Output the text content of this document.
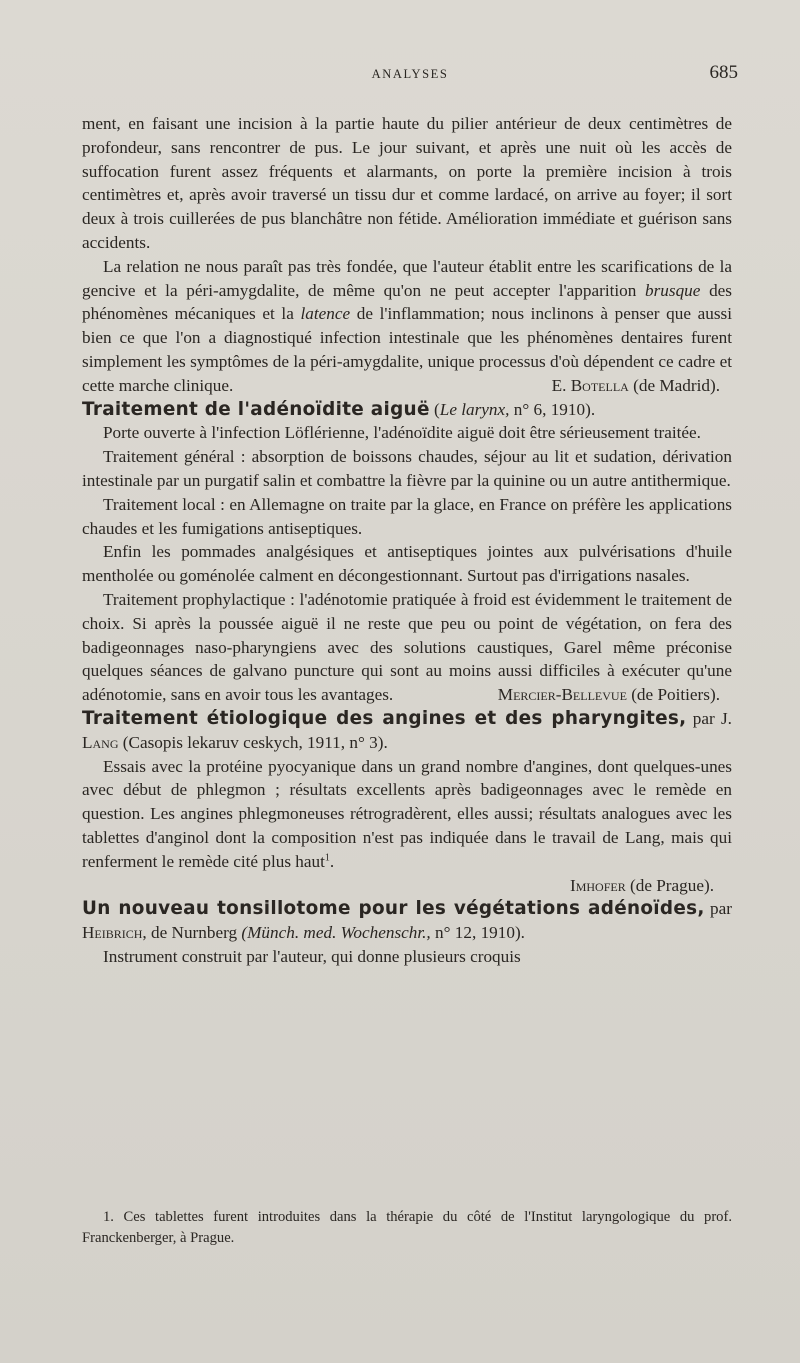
ANALYSES	685

ment, en faisant une incision à la partie haute du pilier antérieur de deux centimètres de profondeur, sans rencontrer de pus. Le jour suivant, et après une nuit où les accès de suffocation furent assez fréquents et alarmants, on porte la première incision à trois centimètres et, après avoir traversé un tissu dur et comme lardacé, on arrive au foyer; il sort deux à trois cuillerées de pus blanchâtre non fétide. Amélioration immédiate et guérison sans accidents.

La relation ne nous paraît pas très fondée, que l'auteur établit entre les scarifications de la gencive et la péri-amygdalite, de même qu'on ne peut accepter l'apparition brusque des phénomènes mécaniques et la latence de l'inflammation; nous inclinons à penser que aussi bien ce que l'on a diagnostiqué infection intestinale que les phénomènes dentaires furent simplement les symptômes de la péri-amygdalite, unique processus d'où dépendent ce cadre et cette marche clinique.	E. Botella (de Madrid).

Traitement de l'adénoïdite aiguë (Le larynx, n° 6, 1910).

Porte ouverte à l'infection Löflérienne, l'adénoïdite aiguë doit être sérieusement traitée.

Traitement général : absorption de boissons chaudes, séjour au lit et sudation, dérivation intestinale par un purgatif salin et combattre la fièvre par la quinine ou un autre antithermique.

Traitement local : en Allemagne on traite par la glace, en France on préfère les applications chaudes et les fumigations antiseptiques.

Enfin les pommades analgésiques et antiseptiques jointes aux pulvérisations d'huile mentholée ou goménolée calment en décongestionnant. Surtout pas d'irrigations nasales.

Traitement prophylactique : l'adénotomie pratiquée à froid est évidemment le traitement de choix. Si après la poussée aiguë il ne reste que peu ou point de végétation, on fera des badigeonnages naso-pharyngiens avec des solutions caustiques, Garel même préconise quelques séances de galvano puncture qui sont au moins aussi difficiles à exécuter qu'une adénotomie, sans en avoir tous les avantages.	Mercier-Bellevue (de Poitiers).

Traitement étiologique des angines et des pharyngites, par J. Lang (Casopis lekaruv ceskych, 1911, n° 3).

Essais avec la protéine pyocyanique dans un grand nombre d'angines, dont quelques-unes avec début de phlegmon ; résultats excellents après badigeonnages avec le remède en question. Les angines phlegmoneuses rétrogradèrent, elles aussi; résultats analogues avec les tablettes d'anginol dont la composition n'est pas indiquée dans le travail de Lang, mais qui renferment le remède cité plus haut$^1$.

Imhofer (de Prague).

Un nouveau tonsillotome pour les végétations adénoïdes, par Heibrich, de Nurnberg (Münch. med. Wochenschr., n° 12, 1910).

Instrument construit par l'auteur, qui donne plusieurs croquis

1. Ces tablettes furent introduites dans la thérapie du côté de l'Institut laryngologique du prof. Franckenberger, à Prague.
